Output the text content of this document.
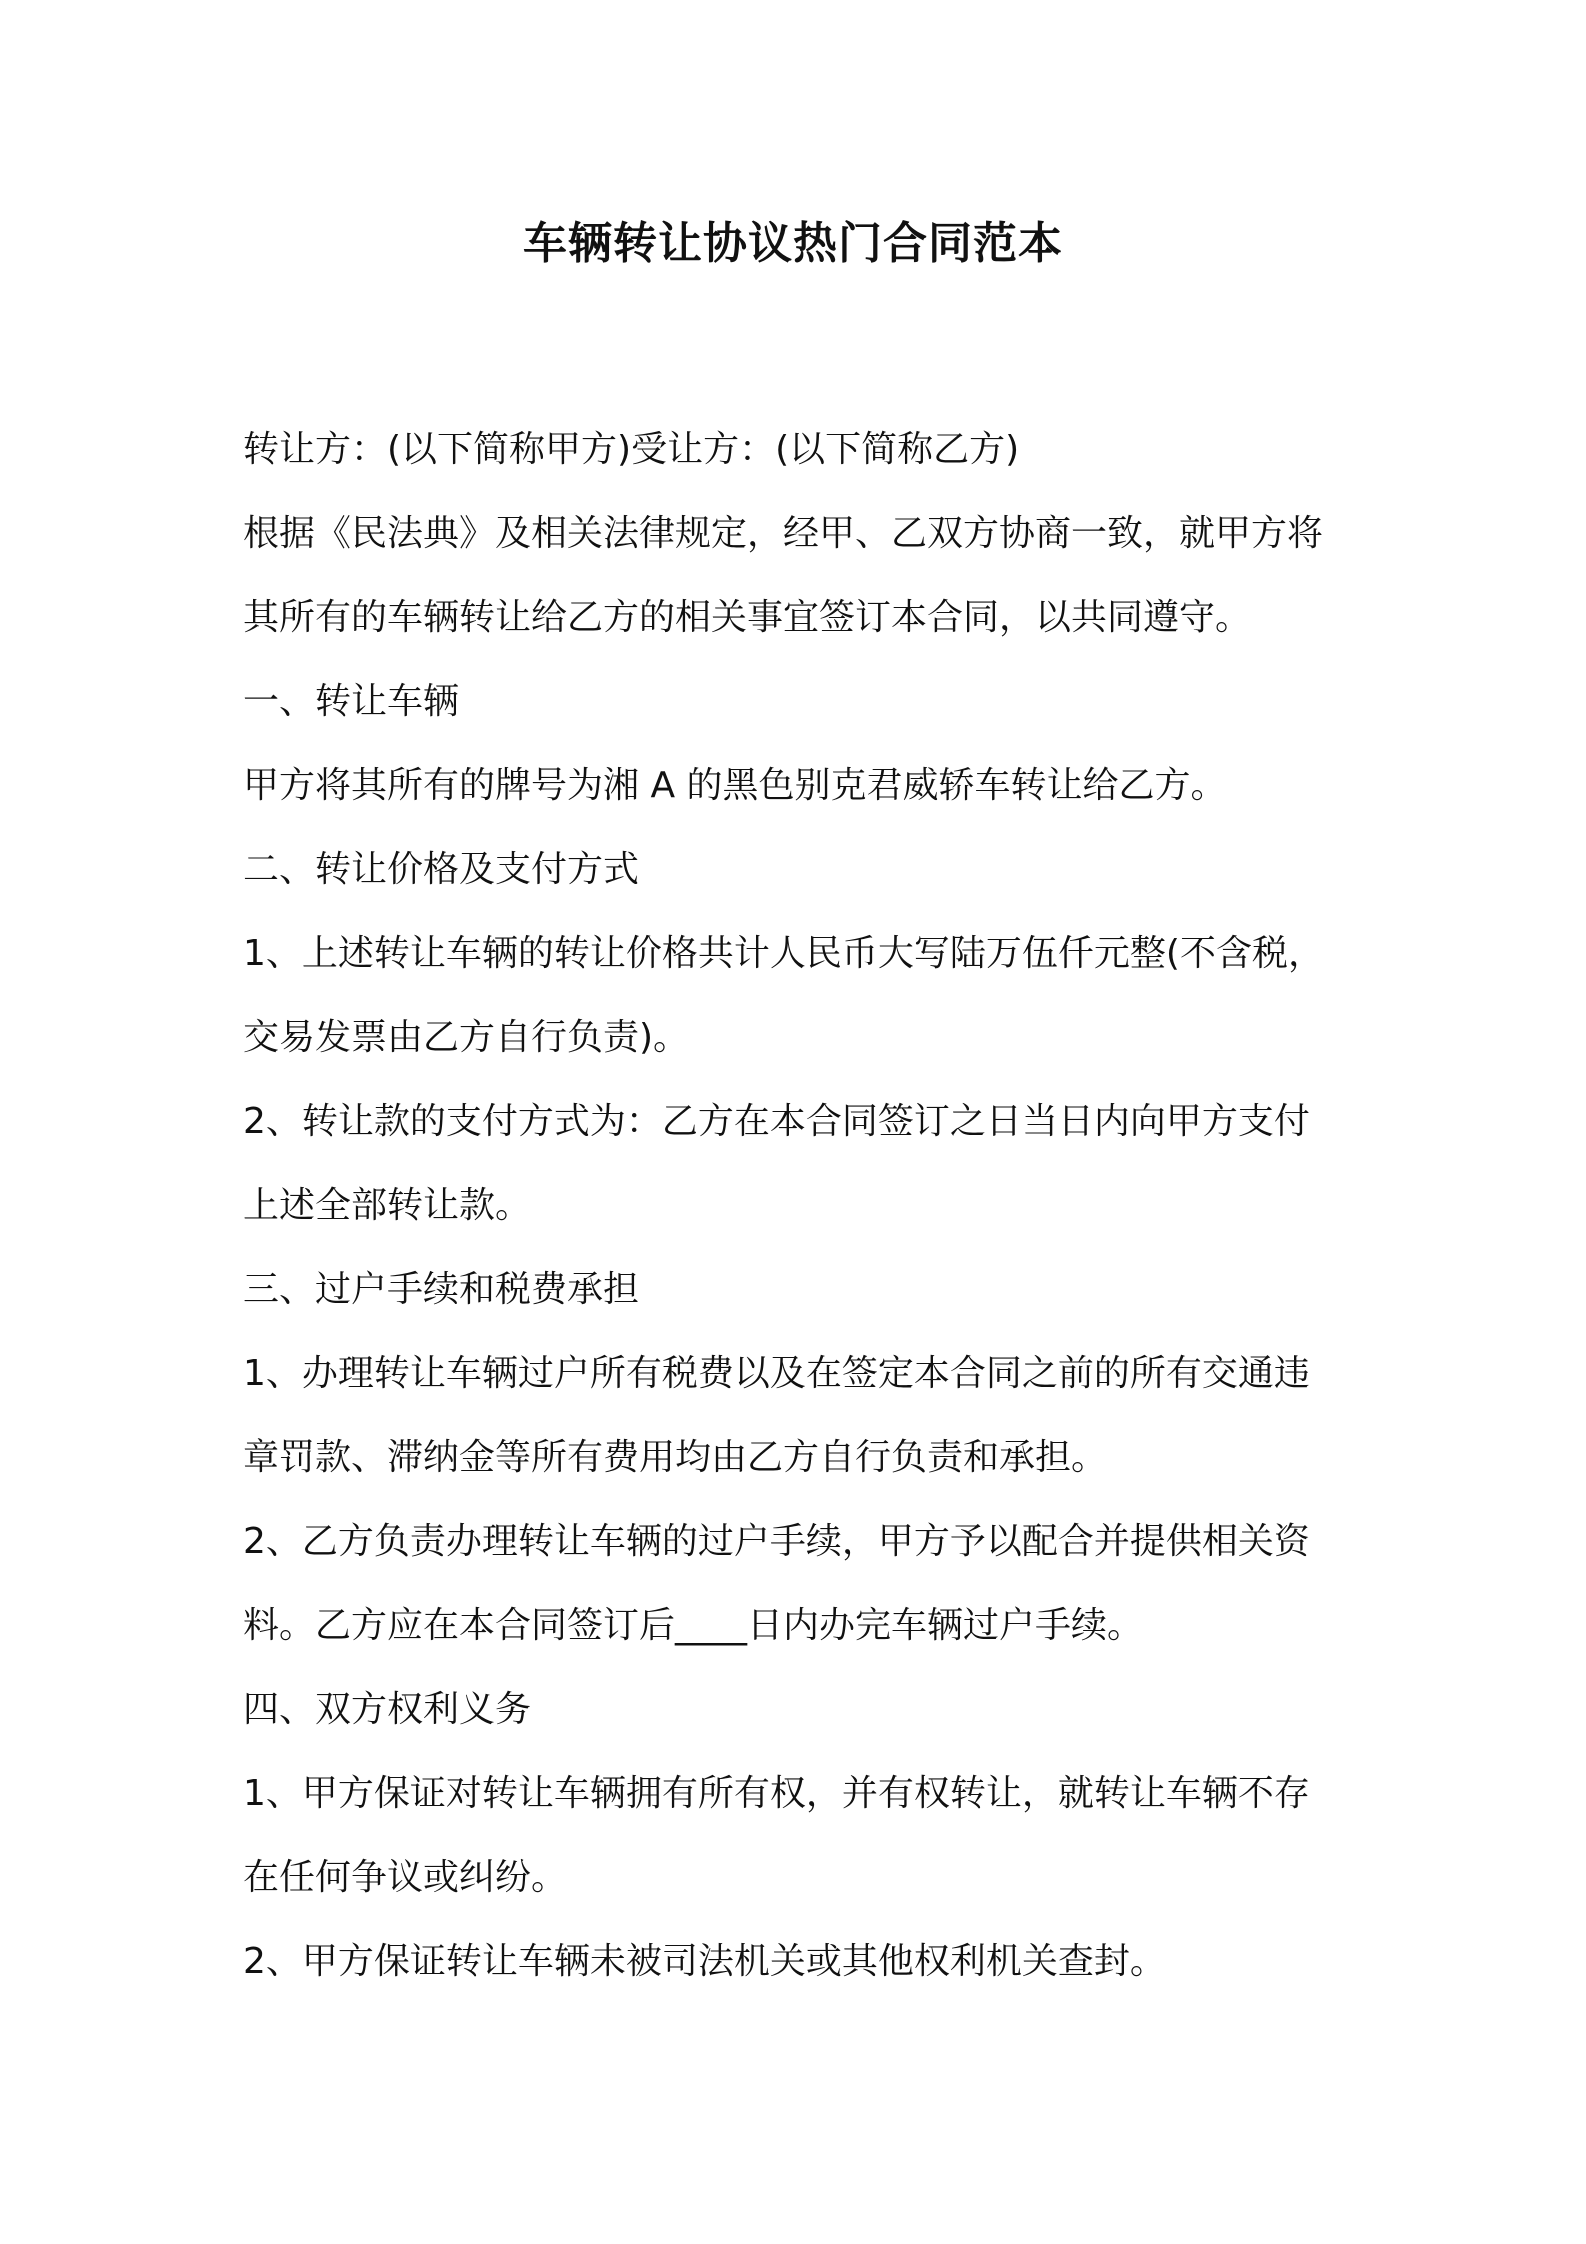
车辆转让协议热门合同范本

转让方：(以下简称甲方)受让方：(以下简称乙方)

根据《民法典》及相关法律规定，经甲、乙双方协商一致，就甲方将

其所有的车辆转让给乙方的相关事宜签订本合同，以共同遵守。

一、转让车辆

甲方将其所有的牌号为湘 A 的黑色别克君威轿车转让给乙方。

二、转让价格及支付方式

1、上述转让车辆的转让价格共计人民币大写陆万伍仟元整(不含税，

交易发票由乙方自行负责)。

2、转让款的支付方式为：乙方在本合同签订之日当日内向甲方支付

上述全部转让款。

三、过户手续和税费承担

1、办理转让车辆过户所有税费以及在签定本合同之前的所有交通违

章罚款、滞纳金等所有费用均由乙方自行负责和承担。

2、乙方负责办理转让车辆的过户手续，甲方予以配合并提供相关资

料。乙方应在本合同签订后____日内办完车辆过户手续。

四、双方权利义务

1、甲方保证对转让车辆拥有所有权，并有权转让，就转让车辆不存

在任何争议或纠纷。

2、甲方保证转让车辆未被司法机关或其他权利机关查封。
